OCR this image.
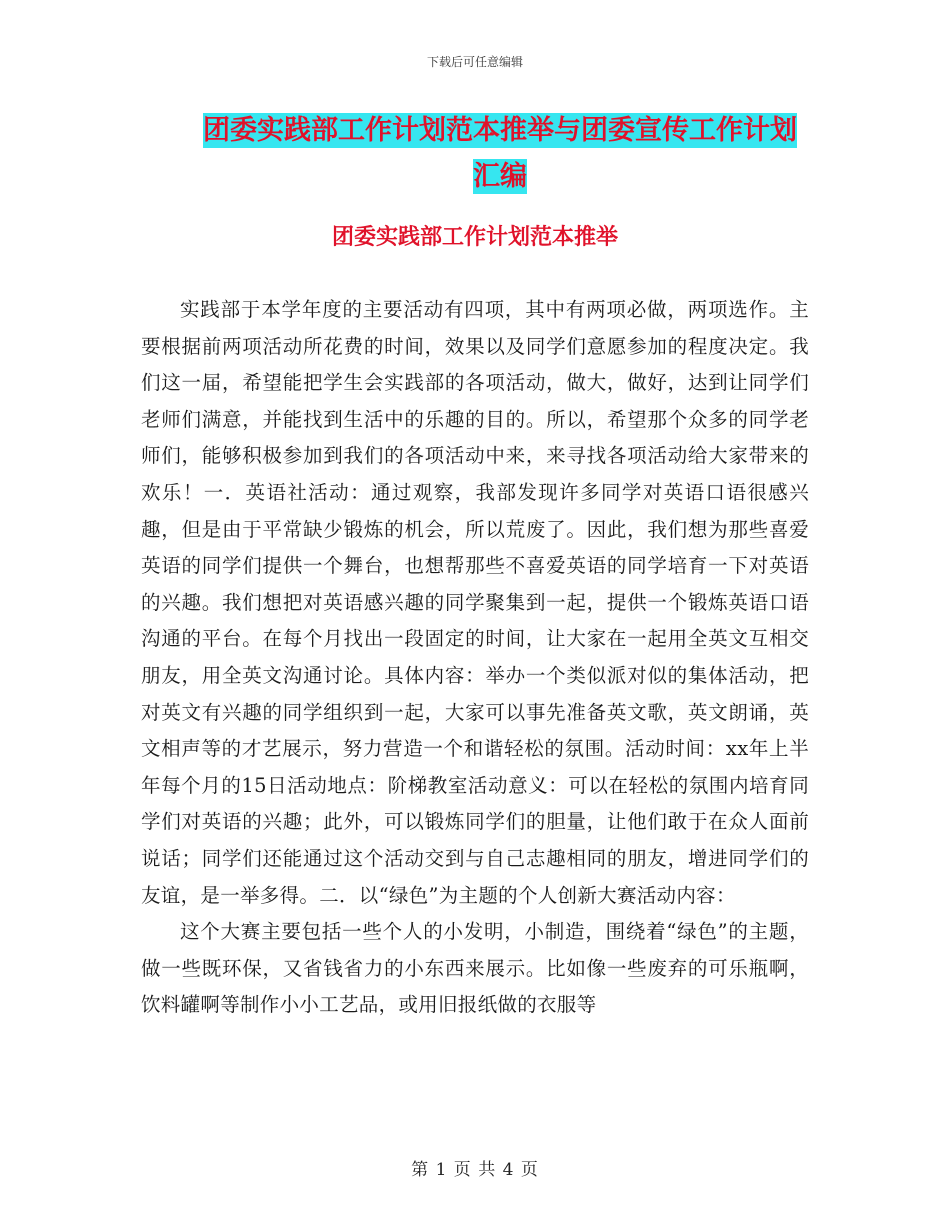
下载后可任意编辑
团委实践部工作计划范本推举与团委宣传工作计划汇编
团委实践部工作计划范本推举

实践部于本学年度的主要活动有四项，其中有两项必做，两项选作。主要根据前两项活动所花费的时间，效果以及同学们意愿参加的程度决定。我们这一届，希望能把学生会实践部的各项活动，做大，做好，达到让同学们老师们满意，并能找到生活中的乐趣的目的。所以，希望那个众多的同学老师们，能够积极参加到我们的各项活动中来，来寻找各项活动给大家带来的欢乐！一．英语社活动：通过观察，我部发现许多同学对英语口语很感兴趣，但是由于平常缺少锻炼的机会，所以荒废了。因此，我们想为那些喜爱英语的同学们提供一个舞台，也想帮那些不喜爱英语的同学培育一下对英语的兴趣。我们想把对英语感兴趣的同学聚集到一起，提供一个锻炼英语口语沟通的平台。在每个月找出一段固定的时间，让大家在一起用全英文互相交朋友，用全英文沟通讨论。具体内容：举办一个类似派对似的集体活动，把对英文有兴趣的同学组织到一起，大家可以事先准备英文歌，英文朗诵，英文相声等的才艺展示，努力营造一个和谐轻松的氛围。活动时间：xx年上半年每个月的15日活动地点：阶梯教室活动意义：可以在轻松的氛围内培育同学们对英语的兴趣；此外，可以锻炼同学们的胆量，让他们敢于在众人面前说话；同学们还能通过这个活动交到与自己志趣相同的朋友，增进同学们的友谊，是一举多得。二．以“绿色”为主题的个人创新大赛活动内容：

这个大赛主要包括一些个人的小发明，小制造，围绕着“绿色”的主题，做一些既环保，又省钱省力的小东西来展示。比如像一些废弃的可乐瓶啊，饮料罐啊等制作小小工艺品，或用旧报纸做的衣服等

第 1 页 共 4 页
